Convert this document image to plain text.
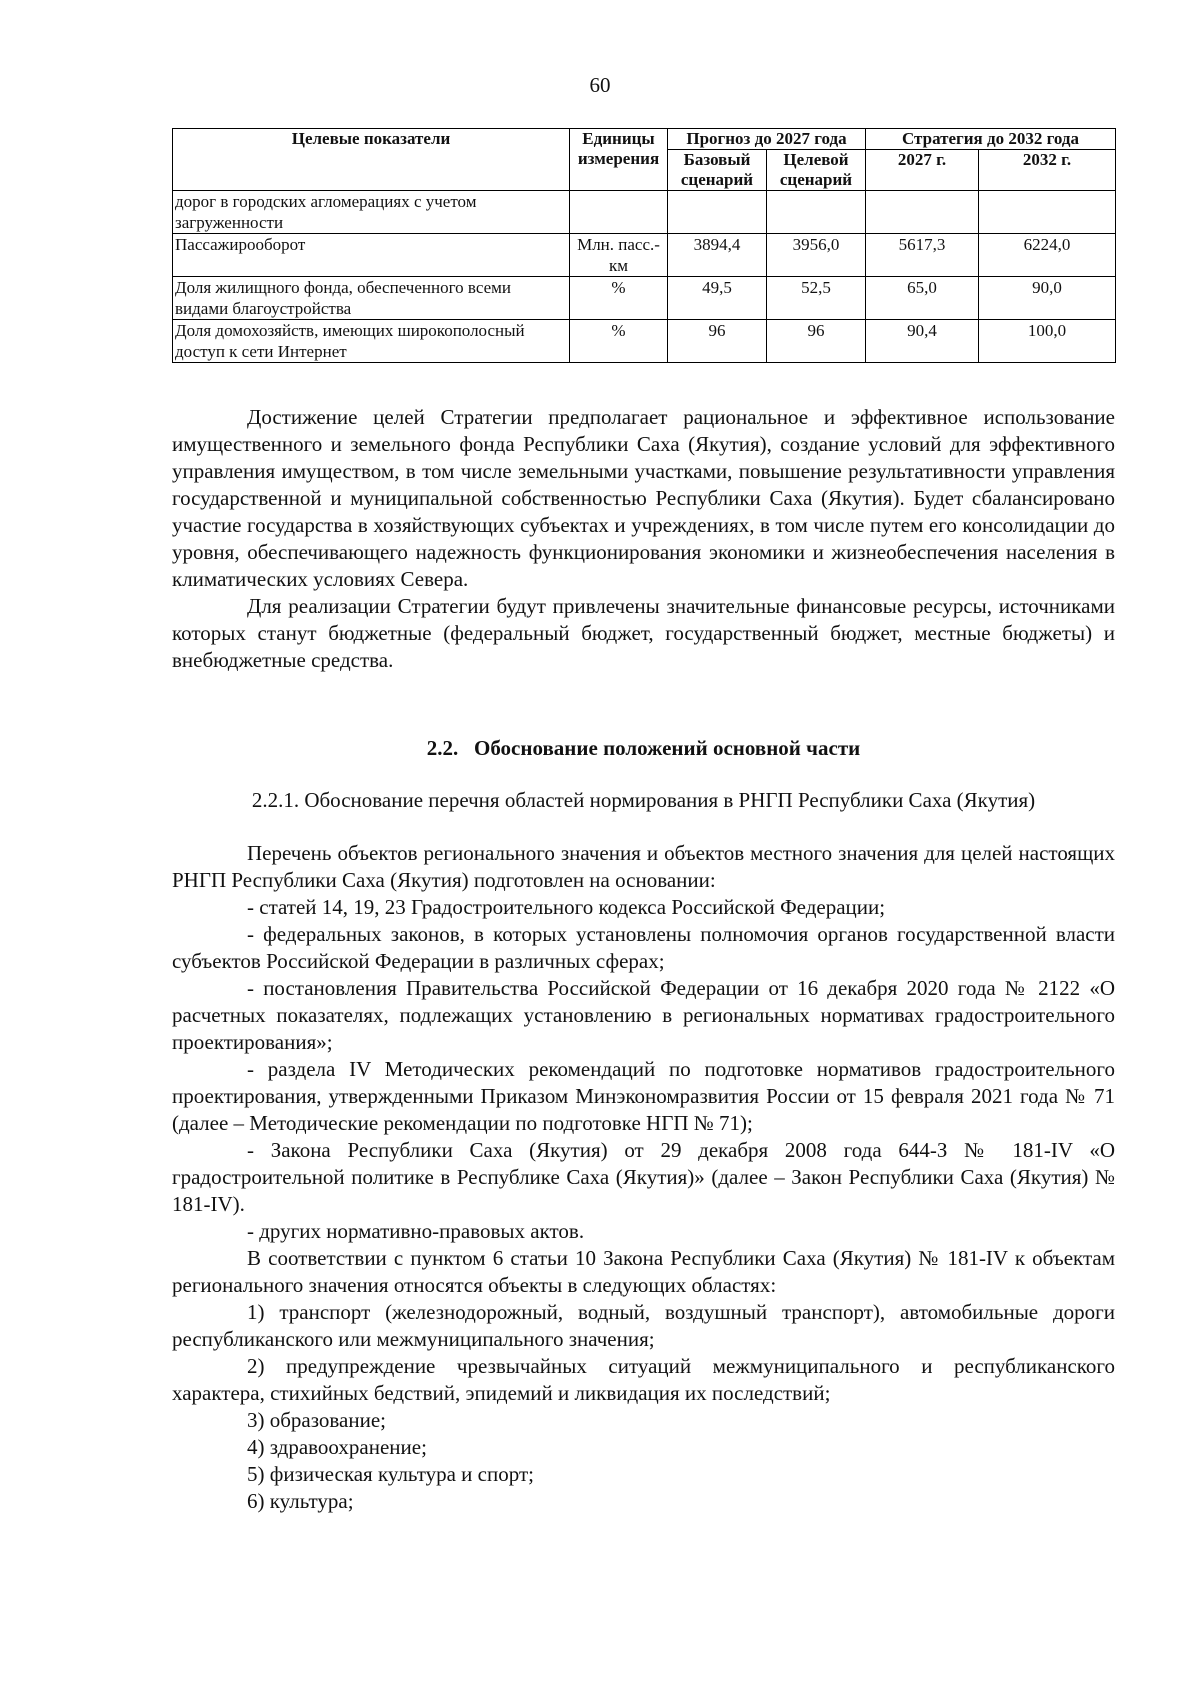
60
Целевые показатели	Единицы измерения	Прогноз до 2027 года		Стратегия до 2032 года	
		Базовый сценарий	Целевой сценарий	2027 г.	2032 г.
дорог в городских агломерациях с учетом загруженности					
Пассажирооборот	Млн. пасс.-км	3894,4	3956,0	5617,3	6224,0
Доля жилищного фонда, обеспеченного всеми видами благоустройства	%	49,5	52,5	65,0	90,0
Доля домохозяйств, имеющих широкополосный доступ к сети Интернет	%	96	96	90,4	100,0

Достижение целей Стратегии предполагает рациональное и эффективное использование имущественного и земельного фонда Республики Саха (Якутия), создание условий для эффективного управления имуществом, в том числе земельными участками, повышение результативности управления государственной и муниципальной собственностью Республики Саха (Якутия). Будет сбалансировано участие государства в хозяйствующих субъектах и учреждениях, в том числе путем его консолидации до уровня, обеспечивающего надежность функционирования экономики и жизнеобеспечения населения в климатических условиях Севера.

Для реализации Стратегии будут привлечены значительные финансовые ресурсы, источниками которых станут бюджетные (федеральный бюджет, государственный бюджет, местные бюджеты) и внебюджетные средства.

2.2.   Обоснование положений основной части
2.2.1. Обоснование перечня областей нормирования в РНГП Республики Саха (Якутия)

Перечень объектов регионального значения и объектов местного значения для целей настоящих РНГП Республики Саха (Якутия) подготовлен на основании:

- статей 14, 19, 23 Градостроительного кодекса Российской Федерации;

- федеральных законов, в которых установлены полномочия органов государственной власти субъектов Российской Федерации в различных сферах;

- постановления Правительства Российской Федерации от 16 декабря 2020 года № 2122 «О расчетных показателях, подлежащих установлению в региональных нормативах градостроительного проектирования»;

- раздела IV Методических рекомендаций по подготовке нормативов градостроительного проектирования, утвержденными Приказом Минэкономразвития России от 15 февраля 2021 года № 71 (далее – Методические рекомендации по подготовке НГП № 71);

- Закона Республики Саха (Якутия) от 29 декабря 2008 года 644-З № 181-IV «О градостроительной политике в Республике Саха (Якутия)» (далее – Закон Республики Саха (Якутия) № 181-IV).

- других нормативно-правовых актов.

В соответствии с пунктом 6 статьи 10 Закона Республики Саха (Якутия) № 181-IV к объектам регионального значения относятся объекты в следующих областях:

1) транспорт (железнодорожный, водный, воздушный транспорт), автомобильные дороги республиканского или межмуниципального значения;

2) предупреждение чрезвычайных ситуаций межмуниципального и республиканского характера, стихийных бедствий, эпидемий и ликвидация их последствий;

3) образование;

4) здравоохранение;

5) физическая культура и спорт;

6) культура;
